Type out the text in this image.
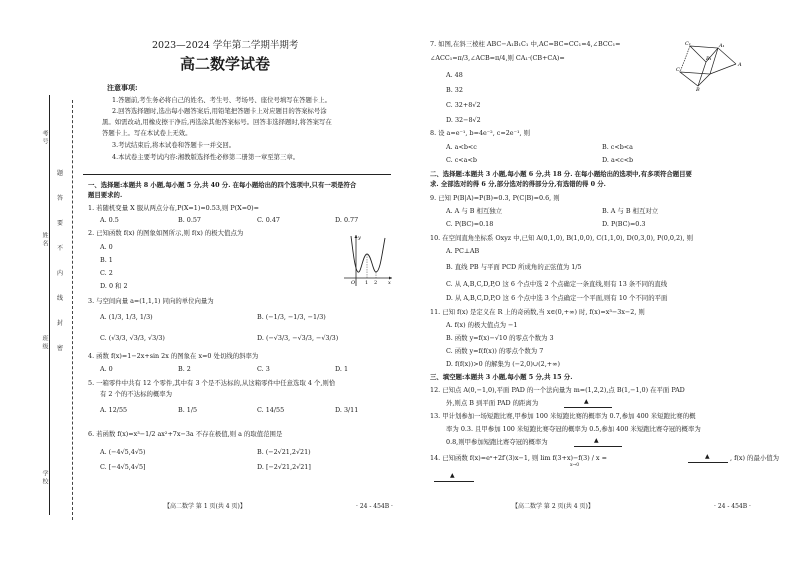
考号
姓名
班级
学校
题
答
要
不
内
线
封
密
2023—2024 学年第二学期半期考
高二数学试卷
注意事项:
1.答题前,考生务必将自己的姓名、考生号、考场号、座位号填写在答题卡上。
2.回答选择题时,选出每小题答案后,用铅笔把答题卡上对应题目的答案标号涂
黑。如需改动,用橡皮擦干净后,再选涂其他答案标号。回答非选择题时,将答案写在
答题卡上。写在本试卷上无效。
3.考试结束后,将本试卷和答题卡一并交回。
4.本试卷主要考试内容:湘教版选择性必修第二册第一章至第三章。
一、选择题:本题共 8 小题,每小题 5 分,共 40 分. 在每小题给出的四个选项中,只有一项是符合
题目要求的.
1. 若随机变量 X 服从两点分布,P(X=1)=0.53,则 P(X=0)=
A. 0.5	B. 0.57	C. 0.47	D. 0.77
2. 已知函数 f(x) 的图象如图所示,则 f(x) 的极大值点为
A. 0
B. 1
C. 2
D. 0 和 2
y
O 1 2 x
3. 与空间向量 a=(1,1,1) 同向的单位向量为
A. (1/3, 1/3, 1/3)	B. (−1/3, −1/3, −1/3)
C. (√3/3, √3/3, √3/3)	D. (−√3/3, −√3/3, −√3/3)
4. 函数 f(x)=1−2x+sin 2x 的图象在 x=0 处切线的斜率为
A. 0	B. 2	C. 3	D. 1
5. 一箱零件中共有 12 个零件,其中有 3 个是不达标的,从这箱零件中任意选取 4 个,则恰
有 2 个的不达标的概率为
A. 12/55	B. 1/5	C. 14/55	D. 3/11
6. 若函数 f(x)=x³−1/2 ax²+7x−3a 不存在极值,则 a 的取值范围是
A. (−4√5,4√5)	B. (−2√21,2√21)
C. [−4√5,4√5]	D. [−2√21,2√21]
【高二数学 第 1 页(共 4 页)】	· 24 - 454B ·
7. 如图,在斜三棱柱 ABC−A₁B₁C₁ 中,AC=BC=CC₁=4,∠BCC₁=
∠ACC₁=π/3,∠ACB=π/4,则 CA₁·(CB+CA)=
A. 48
B. 32
C. 32+8√2
D. 32−8√2
C₁	A₁
B₁
C
A
B
8. 设 a=e⁻¹, b=4e⁻², c=2e⁻¹, 则
A. a<b<c	B. c<b<a
C. c<a<b	D. a<c<b
二、选择题:本题共 3 小题,每小题 6 分,共 18 分. 在每小题给出的选项中,有多项符合题目要
求. 全部选对的得 6 分,部分选对的得部分分,有选错的得 0 分.
9. 已知 P(B|A)=P(B)=0.3, P(C|B)=0.6, 则
A. A 与 B 相互独立	B. A 与 B 相互对立
C. P(BC)=0.18	D. P(BC)=0.3
10. 在空间直角坐标系 Oxyz 中,已知 A(0,1,0), B(1,0,0), C(1,1,0), D(0,3,0), P(0,0,2), 则
A. PC⊥AB
B. 直线 PB 与平面 PCD 所成角的正弦值为 1/5
C. 从 A,B,C,D,P,O 这 6 个点中选 2 个点确定一条直线,则有 13 条不同的直线
D. 从 A,B,C,D,P,O 这 6 个点中选 3 个点确定一个平面,则有 10 个不同的平面
11. 已知 f(x) 是定义在 R 上的奇函数,当 x∈(0,+∞) 时, f(x)=x³−3x−2, 则
A. f(x) 的极大值点为 −1
B. 函数 y=f(x)−√10 的零点个数为 3
C. 函数 y=f(f(x)) 的零点个数为 7
D. f(f(x))>0 的解集为 (−2,0)∪(2,+∞)
三、填空题:本题共 3 小题,每小题 5 分,共 15 分.
12. 已知点 A(0,−1,0),平面 PAD 的一个法向量为 m=(1,2,2),点 B(1,−1,0) 在平面 PAD
外,则点 B 到平面 PAD 的距离为	▲
13. 甲计划参加一场短跑比赛,甲参加 100 米短跑比赛的概率为 0.7,参加 400 米短跑比赛的概
率为 0.3. 且甲参加 100 米短跑比赛夺冠的概率为 0.5,参加 400 米短跑比赛夺冠的概率为
0.8,则甲参加短跑比赛夺冠的概率为	▲
14. 已知函数 f(x)=eˣ+2f′(3)x−1, 则 lim f(3+x)−f(3) / x =
x→0
▲	, f(x) 的最小值为
▲
【高二数学 第 2 页(共 4 页)】	· 24 - 454B ·
